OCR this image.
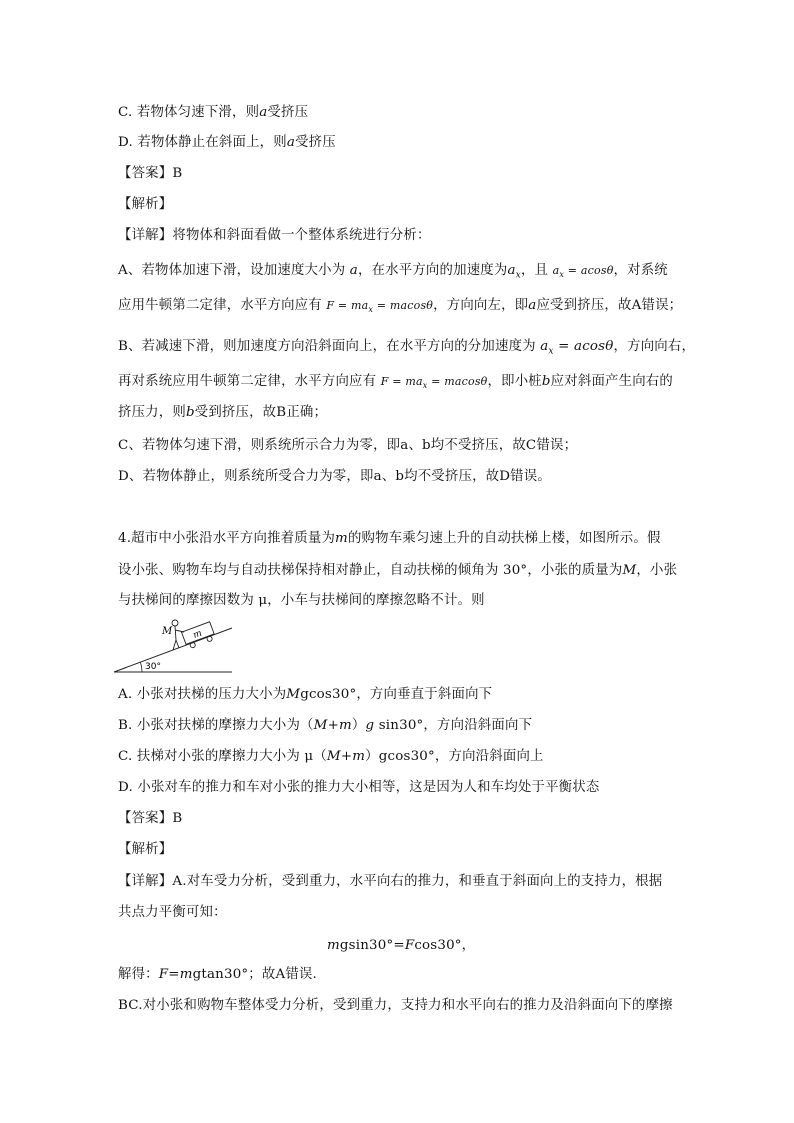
C. 若物体匀速下滑，则a受挤压
D. 若物体静止在斜面上，则a受挤压
【答案】B
【解析】
【详解】将物体和斜面看做一个整体系统进行分析：
A、若物体加速下滑，设加速度大小为 a，在水平方向的加速度为$a_x$，且 $a_x = acos\theta$，对系统
应用牛顿第二定律，水平方向应有 $F = ma_x = macos\theta$，方向向左，即a应受到挤压，故A错误；
B、若减速下滑，则加速度方向沿斜面向上，在水平方向的分加速度为 $a_x = acos\theta$，方向向右，
再对系统应用牛顿第二定律，水平方向应有 $F = ma_x = macos\theta$，即小桩b应对斜面产生向右的
挤压力，则b受到挤压，故B正确；
C、若物体匀速下滑，则系统所示合力为零，即a、b均不受挤压，故C错误；
D、若物体静止，则系统所受合力为零，即a、b均不受挤压，故D错误。
4.超市中小张沿水平方向推着质量为m的购物车乘匀速上升的自动扶梯上楼，如图所示。假
设小张、购物车均与自动扶梯保持相对静止，自动扶梯的倾角为 30°，小张的质量为M，小张
与扶梯间的摩擦因数为 μ，小车与扶梯间的摩擦忽略不计。则
30°
M m
A. 小张对扶梯的压力大小为Mgcos30°，方向垂直于斜面向下
B. 小张对扶梯的摩擦力大小为（M+m）g sin30°，方向沿斜面向下
C. 扶梯对小张的摩擦力大小为 μ（M+m）gcos30°，方向沿斜面向上
D. 小张对车的推力和车对小张的推力大小相等，这是因为人和车均处于平衡状态
【答案】B
【解析】
【详解】A.对车受力分析，受到重力，水平向右的推力，和垂直于斜面向上的支持力，根据
共点力平衡可知：
mgsin30°=Fcos30°，
解得：F=mgtan30°；故A错误.
BC.对小张和购物车整体受力分析，受到重力，支持力和水平向右的推力及沿斜面向下的摩擦
